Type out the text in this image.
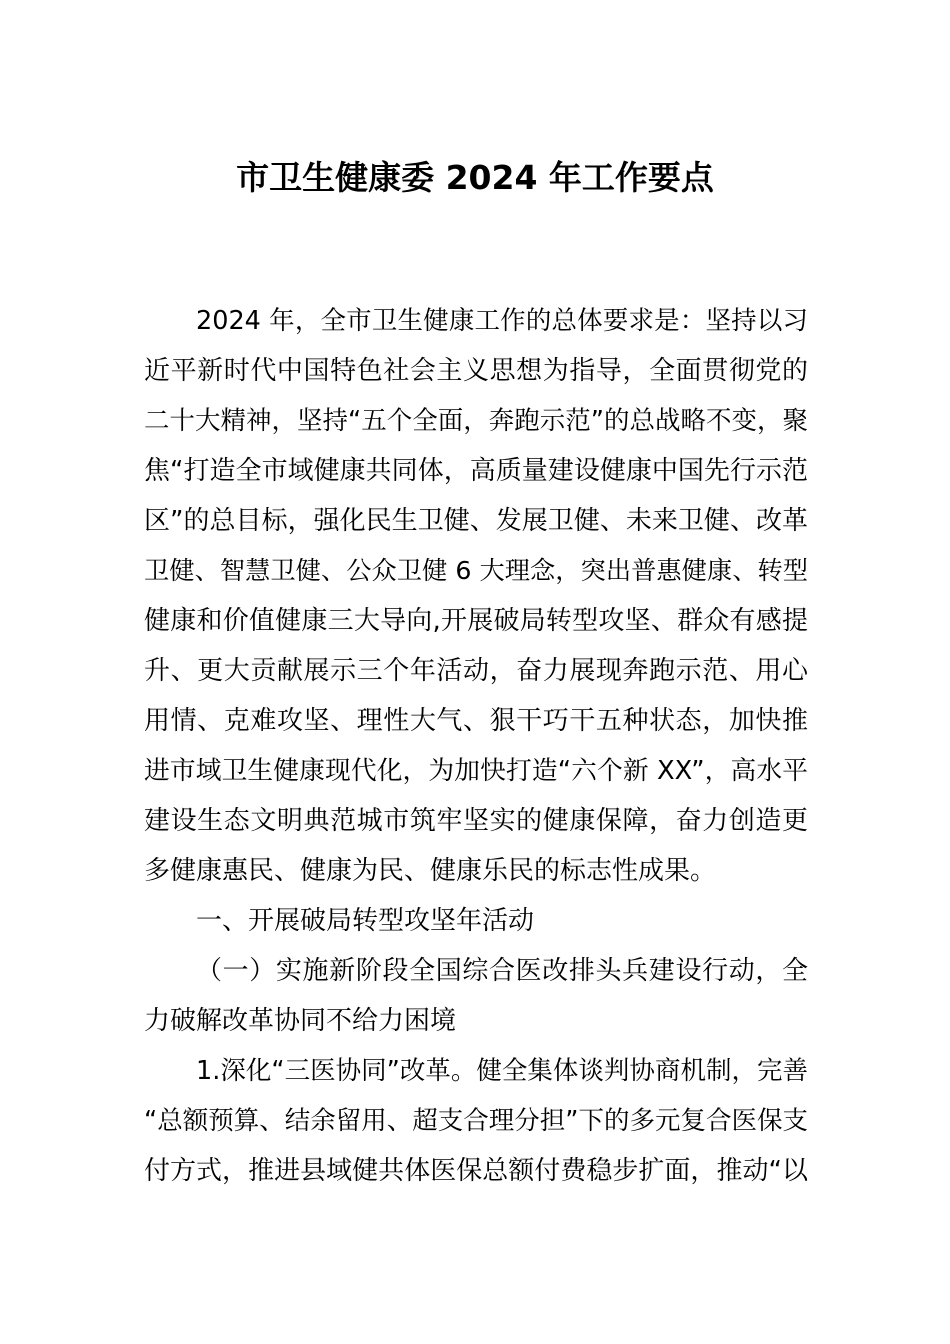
市卫生健康委 2024 年工作要点
2024 年，全市卫生健康工作的总体要求是：坚持以习
近平新时代中国特色社会主义思想为指导，全面贯彻党的
二十大精神，坚持“五个全面，奔跑示范”的总战略不变，聚
焦“打造全市域健康共同体，高质量建设健康中国先行示范
区”的总目标，强化民生卫健、发展卫健、未来卫健、改革
卫健、智慧卫健、公众卫健 6 大理念，突出普惠健康、转型
健康和价值健康三大导向,开展破局转型攻坚、群众有感提
升、更大贡献展示三个年活动，奋力展现奔跑示范、用心
用情、克难攻坚、理性大气、狠干巧干五种状态，加快推
进市域卫生健康现代化，为加快打造“六个新 XX”，高水平
建设生态文明典范城市筑牢坚实的健康保障，奋力创造更
多健康惠民、健康为民、健康乐民的标志性成果。
一、开展破局转型攻坚年活动
（一）实施新阶段全国综合医改排头兵建设行动，全
力破解改革协同不给力困境
1.深化“三医协同”改革。健全集体谈判协商机制，完善
“总额预算、结余留用、超支合理分担”下的多元复合医保支
付方式，推进县域健共体医保总额付费稳步扩面，推动“以
